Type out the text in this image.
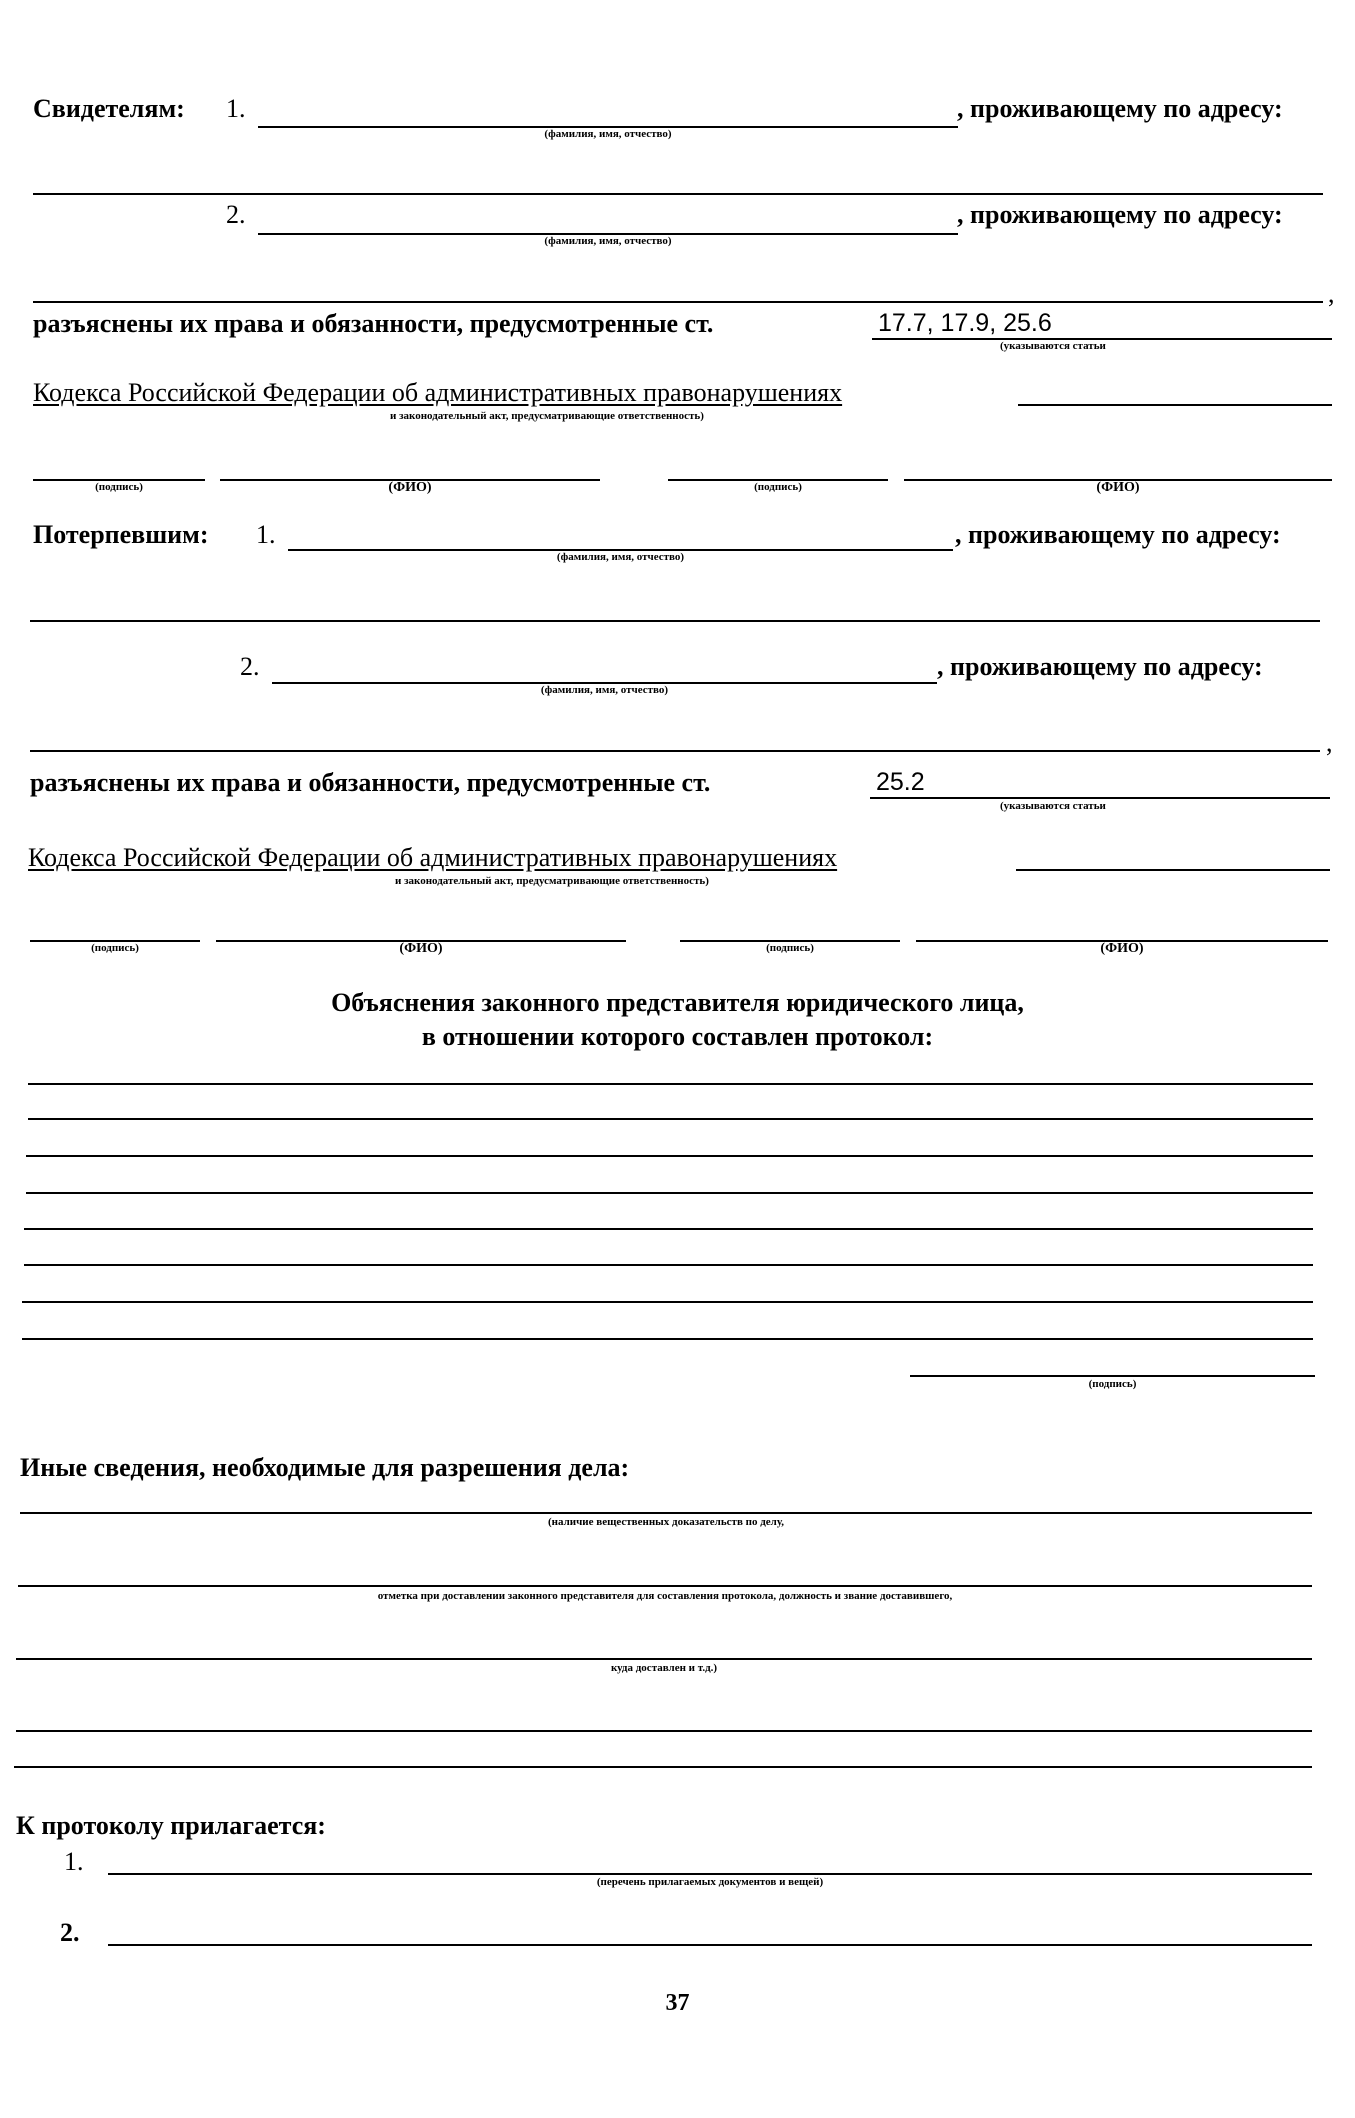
Свидетелям: 1.
(фамилия, имя, отчество)
, проживающему по адресу:
2.
(фамилия, имя, отчество)
, проживающему по адресу:
,
разъяснены их права и обязанности, предусмотренные ст.	17.7, 17.9, 25.6
(указываются статьи
Кодекса Российской Федерации об административных правонарушениях
и законодательный акт, предусматривающие ответственность)
(подпись)	(ФИО)	(подпись)	(ФИО)
Потерпевшим: 1.
(фамилия, имя, отчество)
, проживающему по адресу:
2.
(фамилия, имя, отчество)
, проживающему по адресу:
,
разъяснены их права и обязанности, предусмотренные ст.	25.2
(указываются статьи
Кодекса Российской Федерации об административных правонарушениях
и законодательный акт, предусматривающие ответственность)
(подпись)	(ФИО)	(подпись)	(ФИО)
Объяснения законного представителя юридического лица,
в отношении которого составлен протокол:
(подпись)
Иные сведения, необходимые для разрешения дела:
(наличие вещественных доказательств по делу,
отметка при доставлении законного представителя для составления протокола, должность и звание доставившего,
куда доставлен и т.д.)
К протоколу прилагается:
1.
(перечень прилагаемых документов и вещей)
2.
37
